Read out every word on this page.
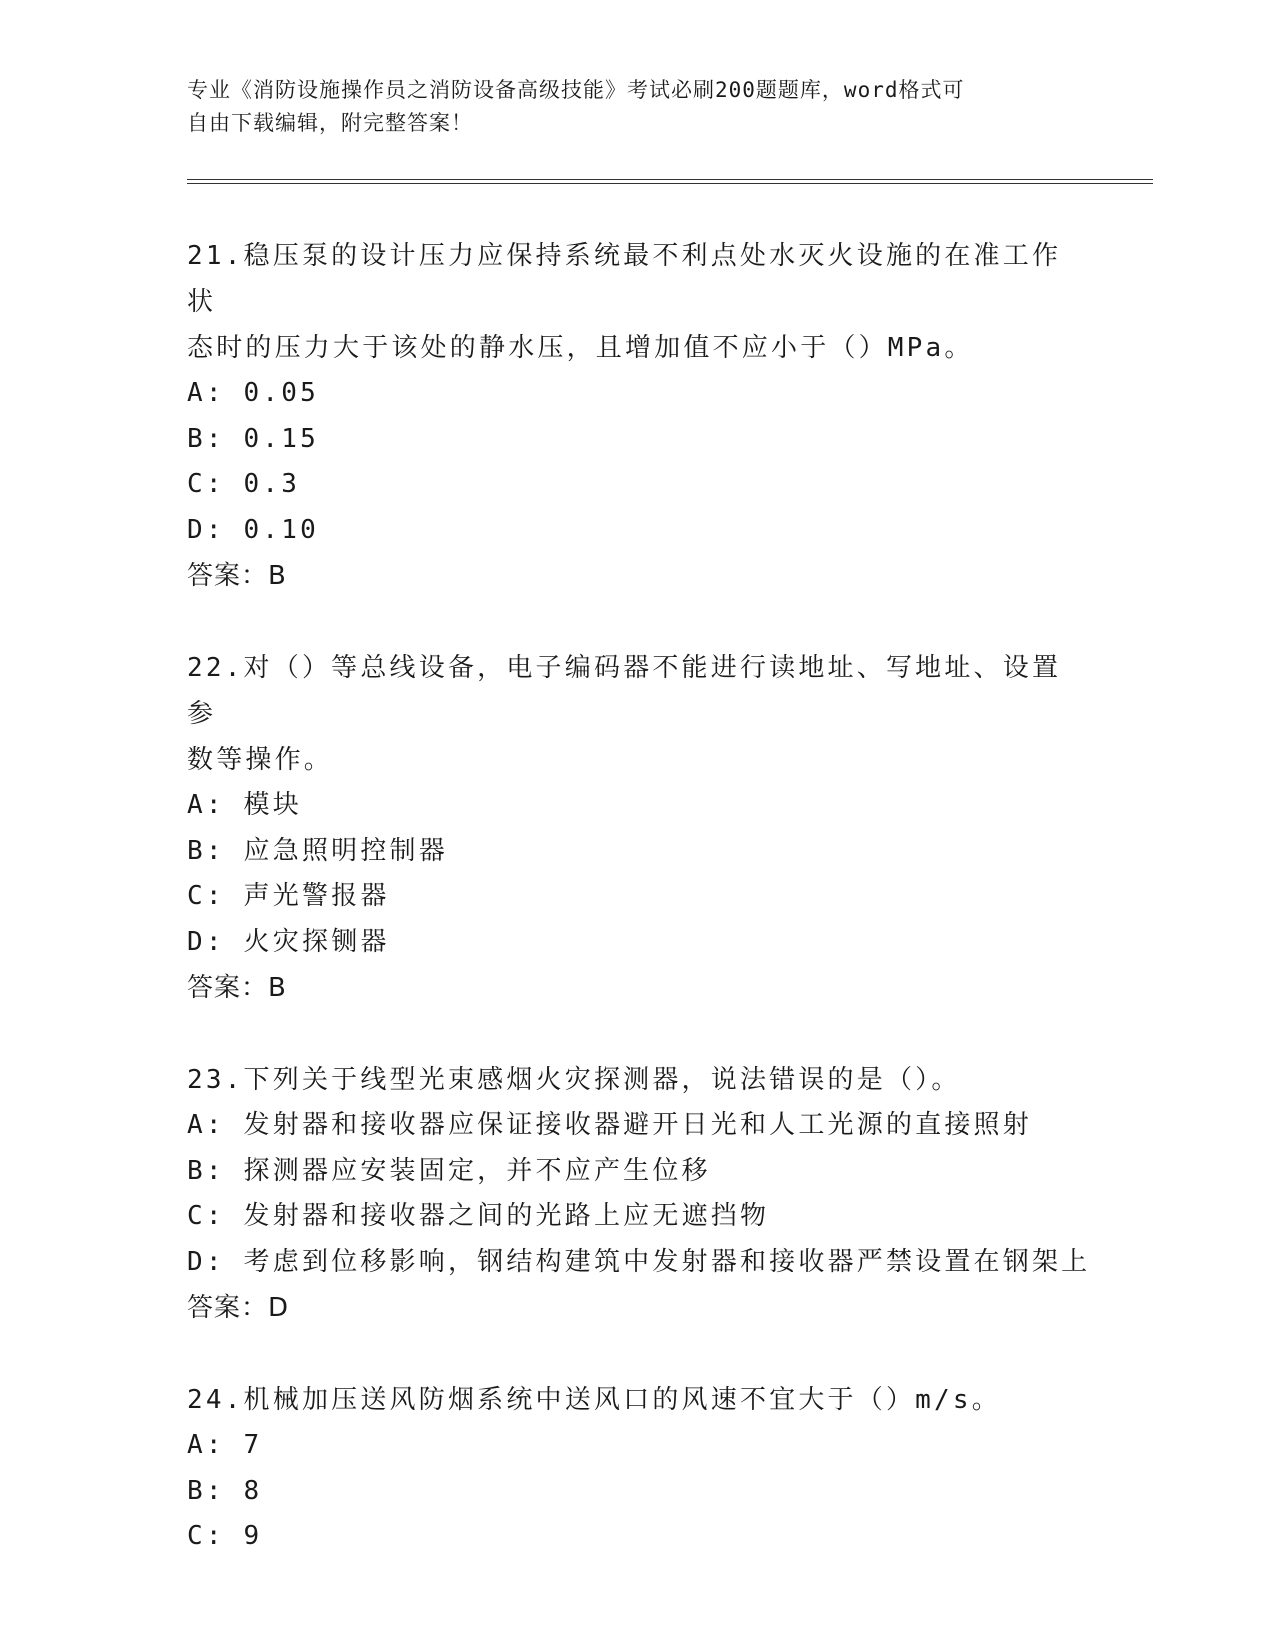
专业《消防设施操作员之消防设备高级技能》考试必刷200题题库，word格式可
自由下载编辑，附完整答案！

21.稳压泵的设计压力应保持系统最不利点处水灭火设施的在准工作状

态时的压力大于该处的静水压，且增加值不应小于（）MPa。

A: 0.05

B: 0.15

C: 0.3

D: 0.10

答案：B

22.对（）等总线设备，电子编码器不能进行读地址、写地址、设置参

数等操作。

A: 模块

B: 应急照明控制器

C: 声光警报器

D: 火灾探铡器

答案：B

23.下列关于线型光束感烟火灾探测器，说法错误的是（）。

A: 发射器和接收器应保证接收器避开日光和人工光源的直接照射

B: 探测器应安装固定，并不应产生位移

C: 发射器和接收器之间的光路上应无遮挡物

D: 考虑到位移影响，钢结构建筑中发射器和接收器严禁设置在钢架上

答案：D

24.机械加压送风防烟系统中送风口的风速不宜大于（）m/s。

A: 7

B: 8

C: 9
